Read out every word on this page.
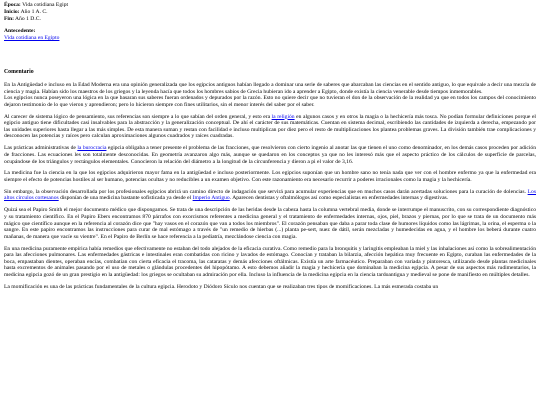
Época: Vida cotidiana Egipt
Inicio: Año 1 A. C.
Fin: Año 1 D.C.
Antecedente:
Vida cotidiana en Egipto
Comentario

En la Antigüedad e incluso en la Edad Moderna era una opinión generalizada que los egipcios antiguos habían llegado a dominar una serie de saberes que abarcaban las ciencias en el sentido antiguo, lo que equivale a decir una mezcla de ciencia y magia. Habían sido los maestros de los griegos y la leyenda hacía que todos los hombres sabios de Grecia hubieran ido a aprender a Egipto, donde existía la ciencia venerable desde tiempos inmemorables.

Los egipcios nunca poseyeron una lógica en la que basaran sus saberes fueran ordenados y depurados por la razón. Esto no quiere decir que no tuvieran el don de la observación de la realidad ya que en todos los campos del conocimiento dejaron testimonio de lo que vieron y aprendieron; pero lo hicieron siempre con fines utilitarios, sin el menor interés del saber por el saber.

Al carecer de sistema lógico de pensamiento, sus referencias son siempre a lo que sabían del orden general, y esto era la religión en algunos casos y en otros la magia o la hechicería más tosca. No podían formular definiciones porque el egipcio antiguo tiene dificultades casi insalvables para la abstracción y la generalización conceptual. De ahí el carácter de sus matemáticas. Cuentan en sistema decimal, escribiendo las cantidades de izquierda a derecha, empezando por las unidades superiores hasta llegar a las más simples. De esta manera suman y restan con facilidad e incluso multiplican por diez pero el resto de multiplicaciones los plantea problemas graves. La división también trae complicaciones y desconocen las potencias y raíces pero calculan aproximaciones algunos cuadrados y raíces cuadradas.

Las prácticas administrativas de la burocracia egipcia obligaba a tener presente el problema de las fracciones, que resolvieron con cierto ingenio al anotar las que tienen el uno como denominador, en los demás casos proceden por adición de fracciones. Las ecuaciones les son totalmente desconocidas. En geometría avanzaron algo más, aunque se quedaron en los conceptos ya que no les interesó más que el aspecto práctico de los cálculos de superficie de parcelas, ocupándose de los triángulos y rectángulos elementales. Conocieron la relación del diámetro a la longitud de la circunferencia y dieron a pi el valor de 3,16.

La medicina fue la ciencia en la que los egipcios adquirieron mayor fama en la antigüedad e incluso posteriormente. Los egipcios suponían que un hombre sano no tenía nada que ver con el hombre enfermo ya que la enfermedad era siempre el efecto de potencias hostiles al ser humano, potencias ocultas y no reducibles a un examen objetivo. Con este razonamiento era necesario recurrir a poderes irracionales como la magia y la hechicería.

Sin embargo, la observación desarrollada por los profesionales egipcios abrirá un camino directo de indagación que servirá para acumular experiencias que en muchos casos darán acertadas soluciones para la curación de dolencias. Los altos círculos cortesanos disponían de una medicina bastante sofisticada ya desde el Imperio Antiguo. Aparecen dentistas y oftalmólogos así como especialistas en enfermedades internas y digestivas.

Quizá sea el Papiro Smith el mejor documento médico que dispongamos. Se trata de una descripción de las heridas desde la cabeza hasta la columna vertebral media, donde se interrumpe el manuscrito, con su correspondiente diagnóstico y su tratamiento científico. En el Papiro Ebers encontramos 870 párrafos con exorcismos referentes a medicina general y el tratamiento de enfermedades internas, ojos, piel, brazos y piernas, por lo que se trata de un documento más mágico que científico aunque en la referencia al corazón dice que "hay vasos en el corazón que van a todos los miembros". El corazón pensaban que daba a parar toda clase de humores líquidos como las lágrimas, la orina, el esperma o la sangre. En este papiro encontramos las instrucciones para curar de mal estómago a través de "un remedio de hierbas (...) planta pe-sert, nuez de dátil, serán mezcladas y humedecidas en agua, y el hombre los beberá durante cuatro mañanas, de manera que vacíe su vientre". En el Papiro de Berlín se hace referencia a la pediatría, mezclándose ciencia con magia.

En una medicina puramente empírica había remedios que efectivamente no estaban del todo alejados de la eficacia curativa. Como remedio para la bronquitis y laringitis empleaban la miel y las inhalaciones así como la sobrealimentación para las afecciones pulmonares. Las enfermedades gástricas e intestinales eran combatidas con ricino y lavados de estómago. Conocían y trataban la bilarzia, afección hepática muy frecuente en Egipto, curaban las enfermedades de la boca, empastaban dientes, operaban encías, combatían con cierta eficacia el tracoma, las cataratas y demás afecciones oftálmicas. Existía un arte farmacéutico. Preparaban con variada y pintoresca, utilizando desde plantas medicinales hasta excrementos de animales pasando por el uso de metales o glándulas procedentes del hipopótamo. A esto debemos añadir la magia y hechicería que dominaban la medicina egipcia. A pesar de sus aspectos más rudimentarios, la medicina egipcia gozó de un gran prestigio en la antigüedad: los griegos se ocultaban su admiración por ella. Incluso la influencia de la medicina egipcia en la ciencia tardoantigua y medieval se pone de manifiesto en múltiples detalles.

La momificación es una de las prácticas fundamentales de la cultura egipcia. Herodoto y Diódoro Sículo nos cuentan que se realizaban tres tipos de momificaciones. La más esmerada costaba un
